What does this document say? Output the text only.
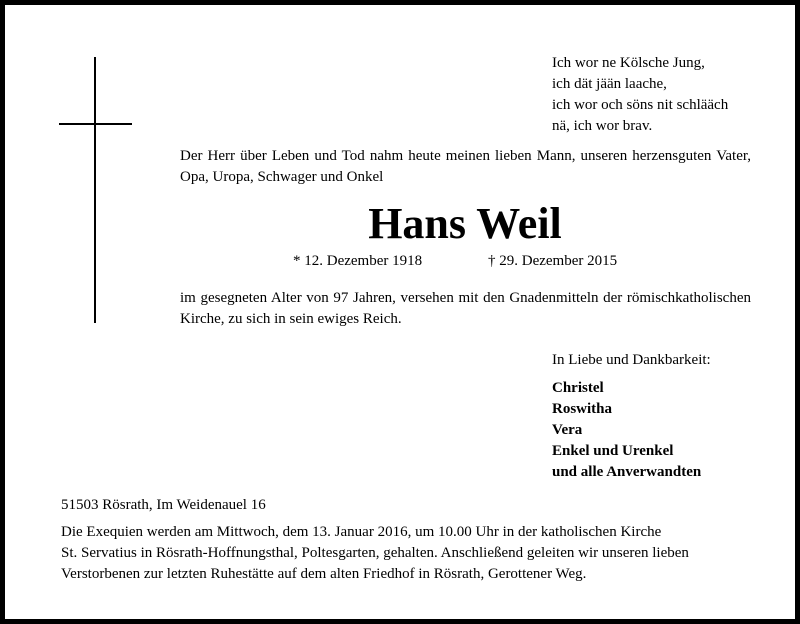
Ich wor ne Kölsche Jung,
ich dät jään laache,
ich wor och söns nit schlääch
nä, ich wor brav.
Der Herr über Leben und Tod nahm heute meinen lieben Mann, unseren herzensguten Vater, Opa, Uropa, Schwager und Onkel
Hans Weil
* 12. Dezember 1918	† 29. Dezember 2015
im gesegneten Alter von 97 Jahren, versehen mit den Gnadenmitteln der römischkatholischen Kirche, zu sich in sein ewiges Reich.
In Liebe und Dankbarkeit:
Christel
Roswitha
Vera
Enkel und Urenkel
und alle Anverwandten
51503 Rösrath, Im Weidenauel 16
Die Exequien werden am Mittwoch, dem 13. Januar 2016, um 10.00 Uhr in der katholischen Kirche
St. Servatius in Rösrath-Hoffnungsthal, Poltesgarten, gehalten. Anschließend geleiten wir unseren lieben
Verstorbenen zur letzten Ruhestätte auf dem alten Friedhof in Rösrath, Gerottener Weg.
